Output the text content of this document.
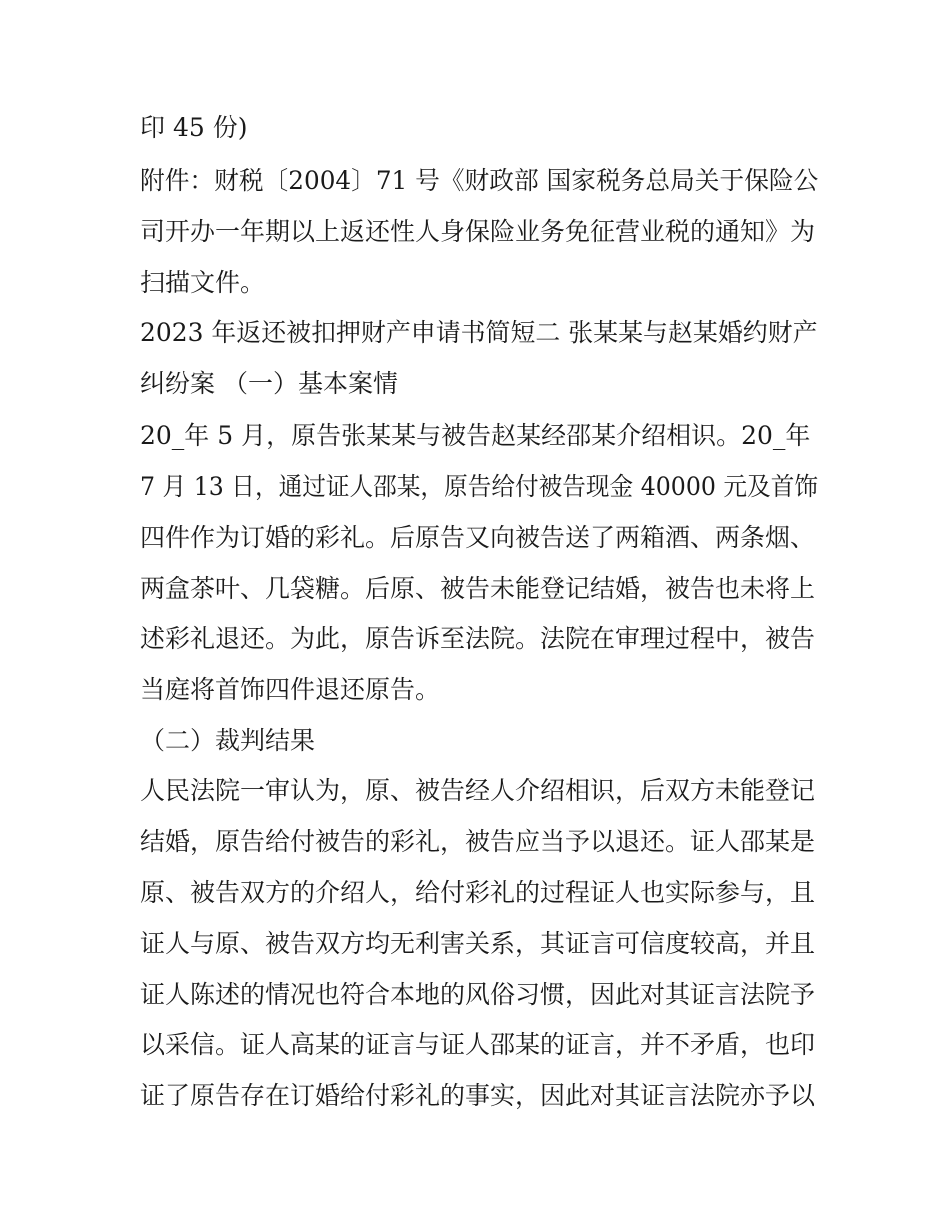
印 45 份)
附件：财税〔2004〕71 号《财政部 国家税务总局关于保险公
司开办一年期以上返还性人身保险业务免征营业税的通知》为
扫描文件。
2023 年返还被扣押财产申请书简短二 张某某与赵某婚约财产
纠纷案 （一）基本案情
20_年 5 月，原告张某某与被告赵某经邵某介绍相识。20_年
7 月 13 日，通过证人邵某，原告给付被告现金 40000 元及首饰
四件作为订婚的彩礼。后原告又向被告送了两箱酒、两条烟、
两盒茶叶、几袋糖。后原、被告未能登记结婚，被告也未将上
述彩礼退还。为此，原告诉至法院。法院在审理过程中，被告
当庭将首饰四件退还原告。
（二）裁判结果
人民法院一审认为，原、被告经人介绍相识，后双方未能登记
结婚，原告给付被告的彩礼，被告应当予以退还。证人邵某是
原、被告双方的介绍人，给付彩礼的过程证人也实际参与，且
证人与原、被告双方均无利害关系，其证言可信度较高，并且
证人陈述的情况也符合本地的风俗习惯，因此对其证言法院予
以采信。证人高某的证言与证人邵某的证言，并不矛盾，也印
证了原告存在订婚给付彩礼的事实，因此对其证言法院亦予以
